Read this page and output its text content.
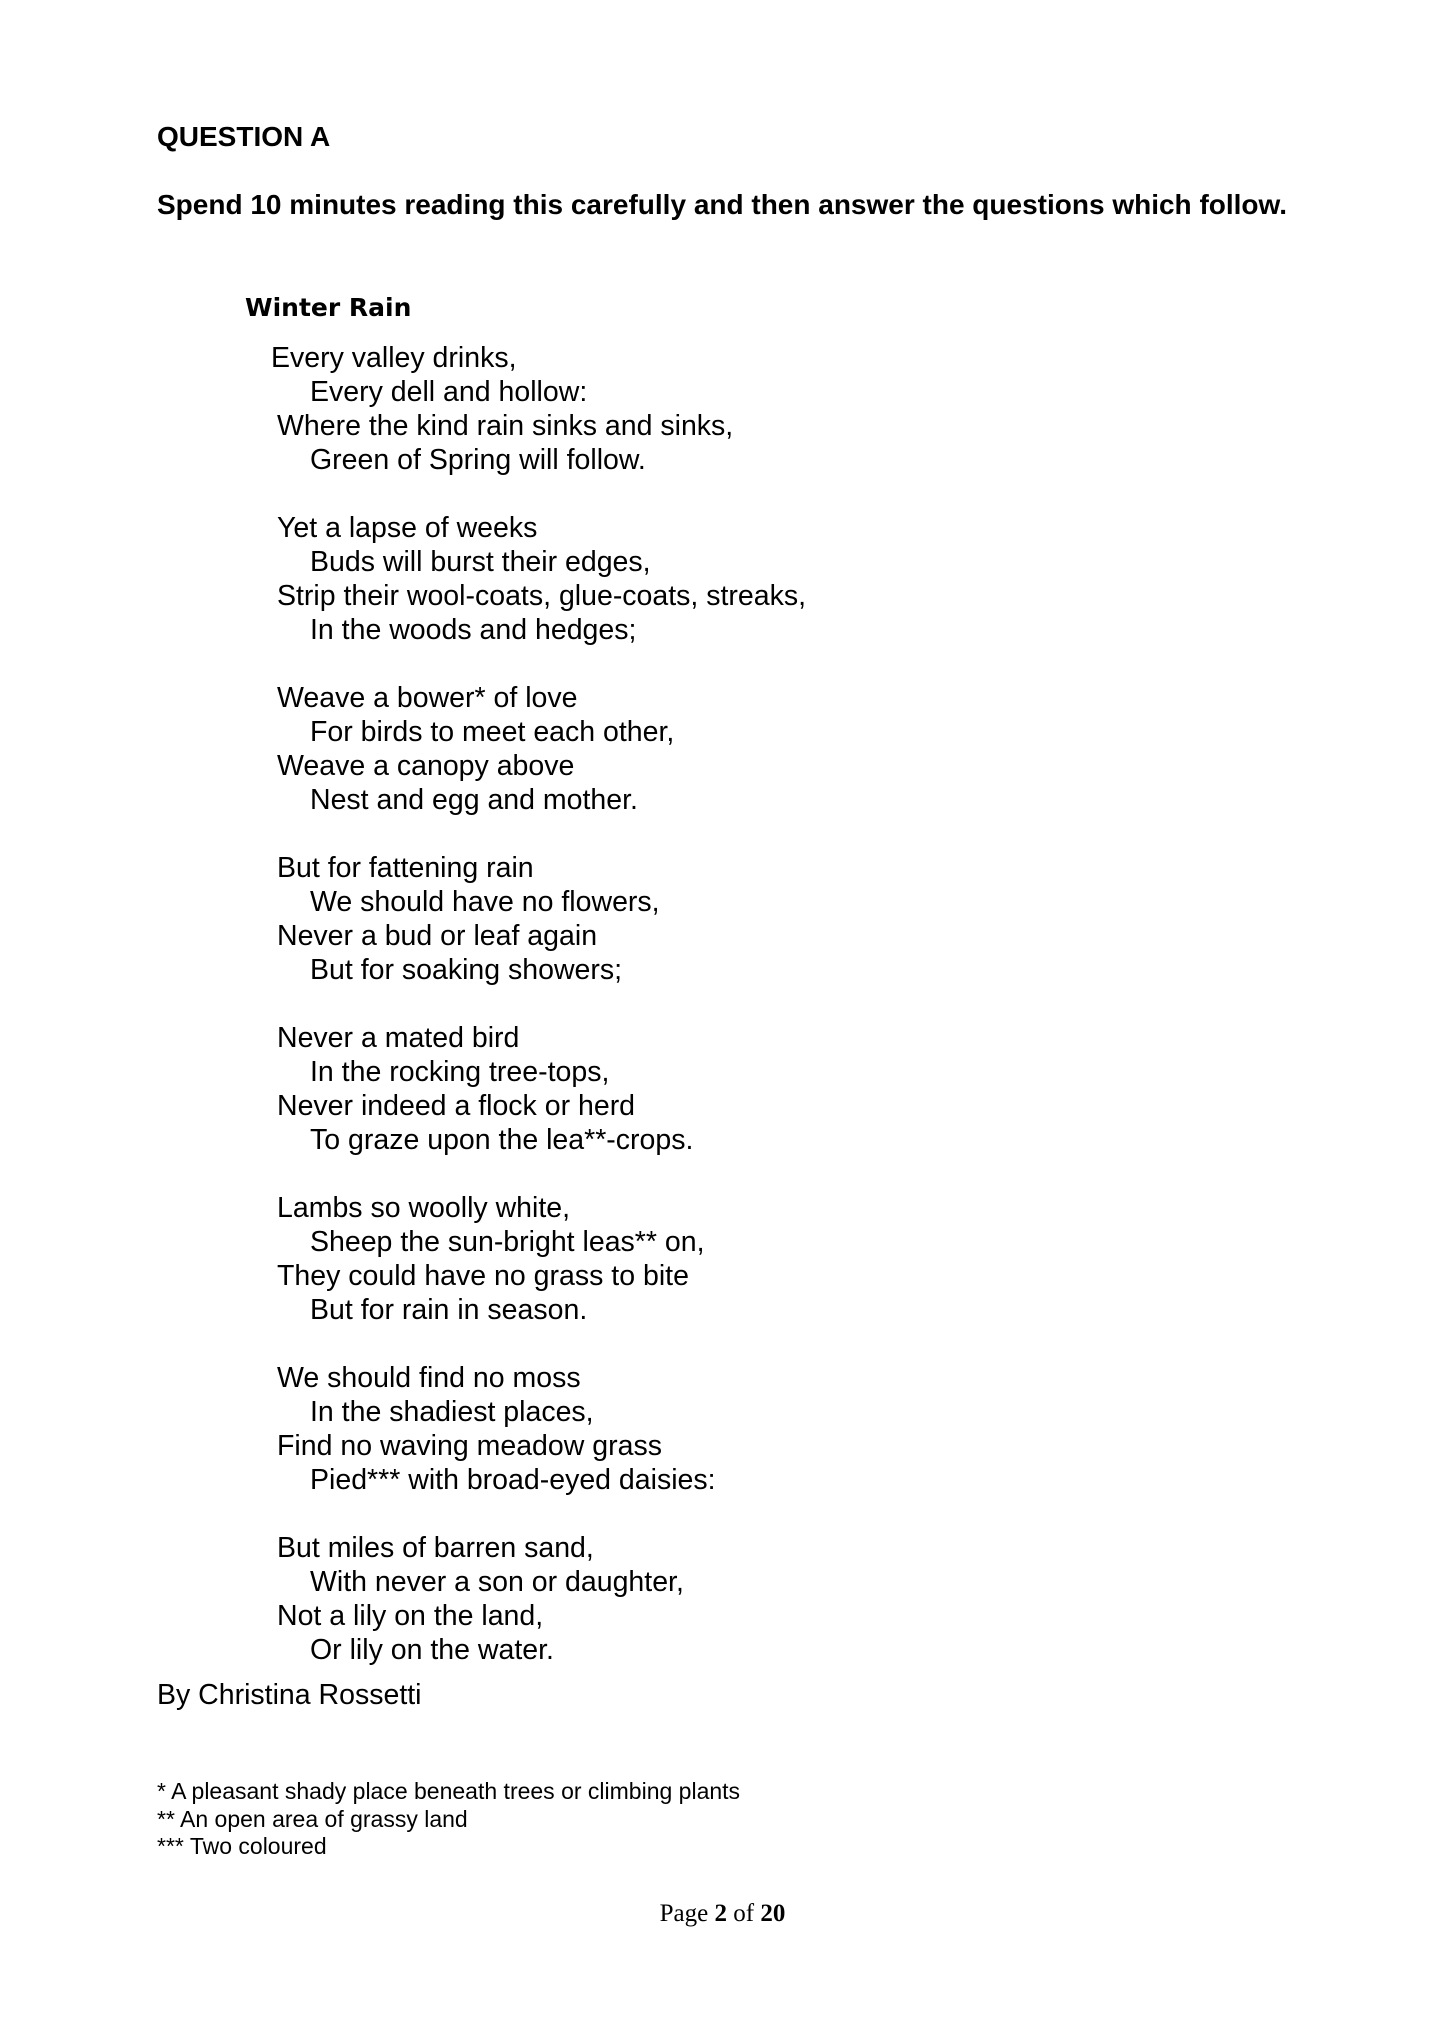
QUESTION A
Spend 10 minutes reading this carefully and then answer the questions which follow.
Winter Rain
Every valley drinks,
Every dell and hollow:
Where the kind rain sinks and sinks,
Green of Spring will follow.
Yet a lapse of weeks
Buds will burst their edges,
Strip their wool-coats, glue-coats, streaks,
In the woods and hedges;
Weave a bower* of love
For birds to meet each other,
Weave a canopy above
Nest and egg and mother.
But for fattening rain
We should have no flowers,
Never a bud or leaf again
But for soaking showers;
Never a mated bird
In the rocking tree-tops,
Never indeed a flock or herd
To graze upon the lea**-crops.
Lambs so woolly white,
Sheep the sun-bright leas** on,
They could have no grass to bite
But for rain in season.
We should find no moss
In the shadiest places,
Find no waving meadow grass
Pied*** with broad-eyed daisies:
But miles of barren sand,
With never a son or daughter,
Not a lily on the land,
Or lily on the water.
By Christina Rossetti
* A pleasant shady place beneath trees or climbing plants
** An open area of grassy land
*** Two coloured
Page 2 of 20
